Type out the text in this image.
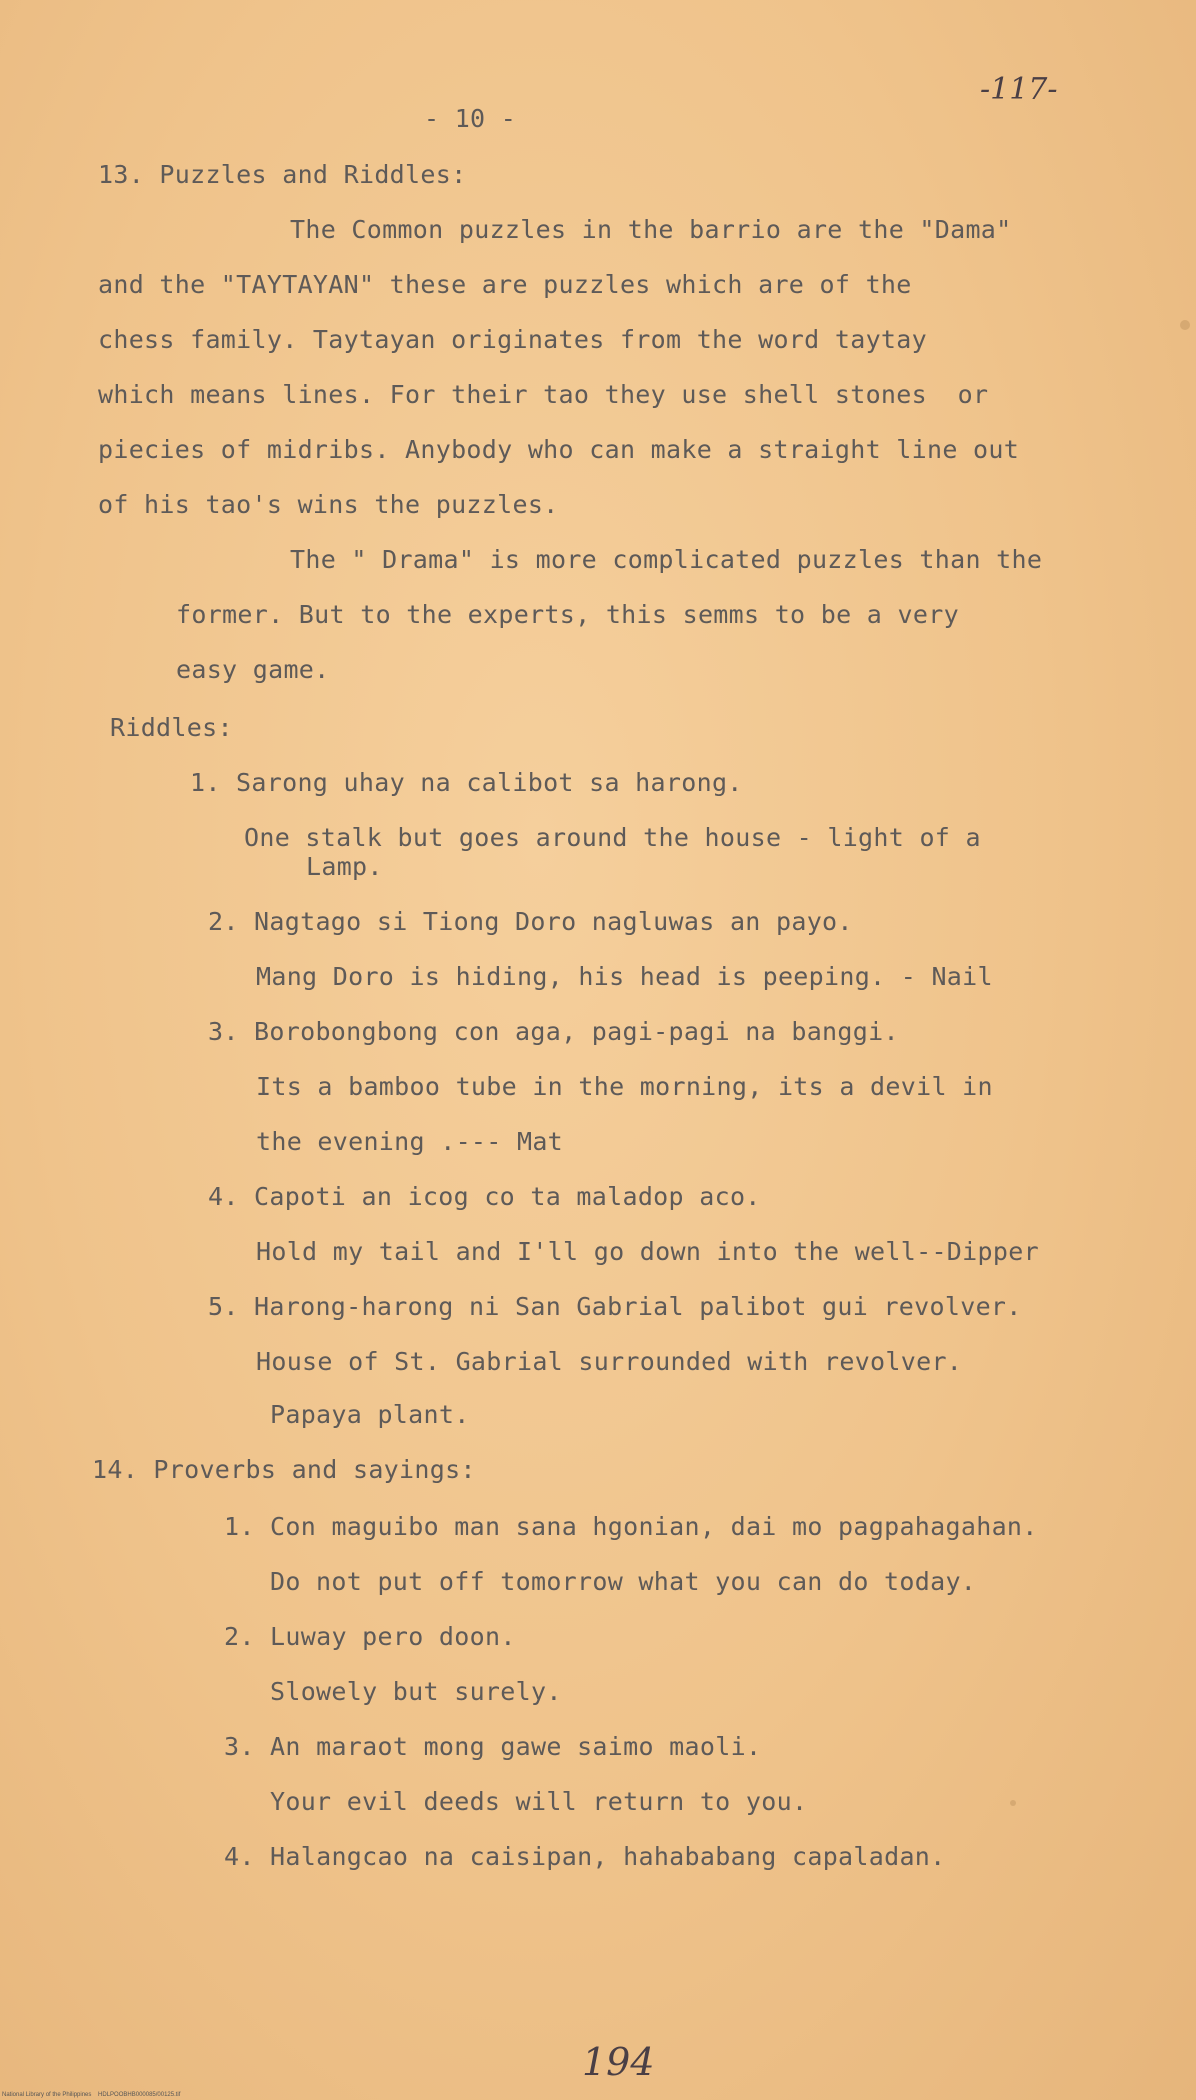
-117-
- 10 -
13. Puzzles and Riddles:
The Common puzzles in the barrio are the "Dama"
and the "TAYTAYAN" these are puzzles which are of the
chess family. Taytayan originates from the word taytay
which means lines. For their tao they use shell stones  or
piecies of midribs. Anybody who can make a straight line out
of his tao's wins the puzzles.
The " Drama" is more complicated puzzles than the
former. But to the experts, this semms to be a very
easy game.
Riddles:
1. Sarong uhay na calibot sa harong.
One stalk but goes around the house - light of a
Lamp.
2. Nagtago si Tiong Doro nagluwas an payo.
Mang Doro is hiding, his head is peeping. - Nail
3. Borobongbong con aga, pagi-pagi na banggi.
Its a bamboo tube in the morning, its a devil in
the evening .--- Mat
4. Capoti an icog co ta maladop aco.
Hold my tail and I'll go down into the well--Dipper
5. Harong-harong ni San Gabrial palibot gui revolver.
House of St. Gabrial surrounded with revolver.
Papaya plant.
14. Proverbs and sayings:
1. Con maguibo man sana hgonian, dai mo pagpahagahan.
Do not put off tomorrow what you can do today.
2. Luway pero doon.
Slowely but surely.
3. An maraot mong gawe saimo maoli.
Your evil deeds will return to you.
4. Halangcao na caisipan, hahababang capaladan.
194
National Library of the Philippines    HDLPOOBHB000085/00125.tif
